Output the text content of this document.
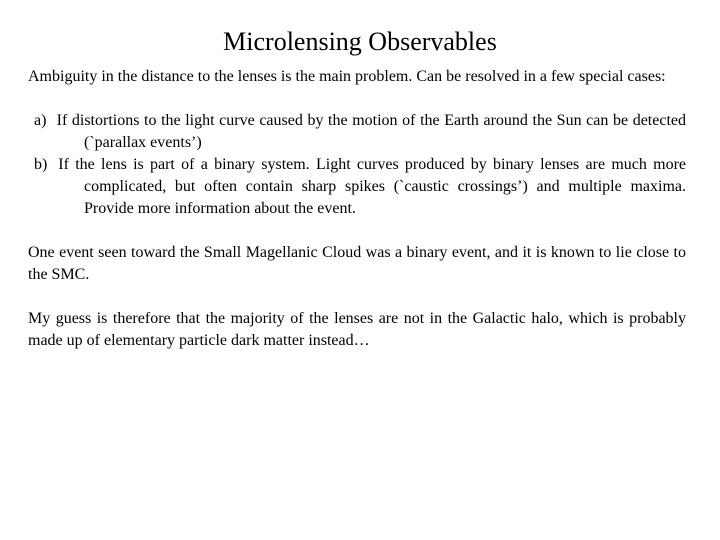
Microlensing Observables

Ambiguity in the distance to the lenses is the main problem. Can be resolved in a few special cases:

a) If distortions to the light curve caused by the motion of the Earth around the Sun can be detected (`parallax events’)
b) If the lens is part of a binary system. Light curves produced by binary lenses are much more complicated, but often contain sharp spikes (`caustic crossings’) and multiple maxima. Provide more information about the event.

One event seen toward the Small Magellanic Cloud was a binary event, and it is known to lie close to the SMC.

My guess is therefore that the majority of the lenses are not in the Galactic halo, which is probably made up of elementary particle dark matter instead…
